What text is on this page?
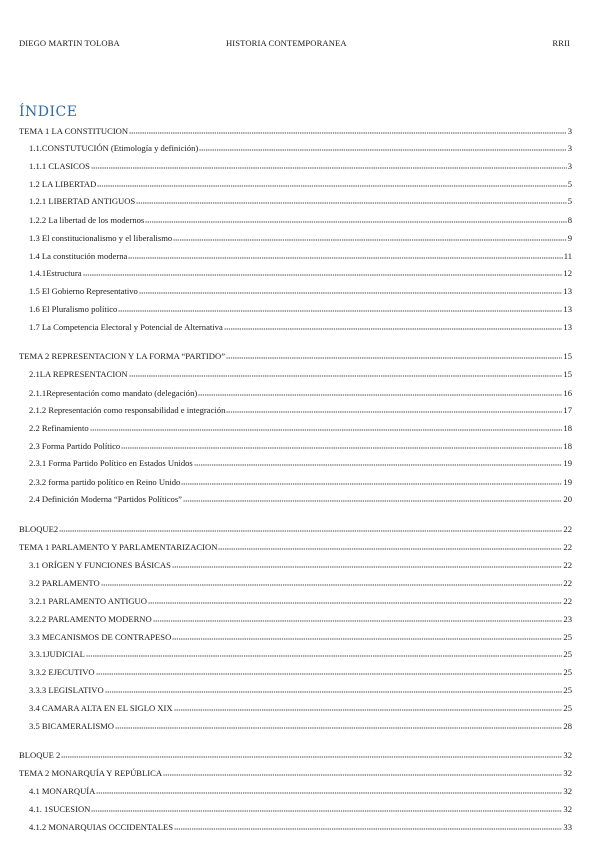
DIEGO MARTIN TOLOBA	HISTORIA CONTEMPORANEA	RRII
ÍNDICE
TEMA 1 LA CONSTITUCION	3
1.1.CONSTUTUCIÓN (Etimología y definición)	3
1.1.1 CLASICOS	3
1.2 LA LIBERTAD	5
1.2.1 LIBERTAD ANTIGUOS	5
1.2.2 La libertad de los modernos	8
1.3 El constitucionalismo y el liberalismo	9
1.4 La constitución moderna	11
1.4.1Estructura	12
1.5 El Gobierno Representativo	13
1.6 El Pluralismo político	13
1.7 La Competencia Electoral y Potencial de Alternativa	13
TEMA 2 REPRESENTACION Y LA FORMA “PARTIDO”	15
2.1LA REPRESENTACION	15
2.1.1Representación como mandato (delegación)	16
2.1.2 Representación como responsabilidad e integración	17
2.2 Refinamiento	18
2.3 Forma Partido Político	18
2.3.1 Forma Partido Político en Estados Unidos	19
2.3.2 forma partido político en Reino Unido	19
2.4 Definición Moderna “Partidos Políticos”	20
BLOQUE2	22
TEMA 1 PARLAMENTO Y PARLAMENTARIZACION	22
3.1 ORÍGEN Y FUNCIONES BÁSICAS	22
3.2 PARLAMENTO	22
3.2.1 PARLAMENTO ANTIGUO	22
3.2.2 PARLAMENTO MODERNO	23
3.3 MECANISMOS DE CONTRAPESO	25
3.3.1JUDICIAL	25
3.3.2 EJECUTIVO	25
3.3.3 LEGISLATIVO	25
3.4 CAMARA ALTA EN EL SIGLO XIX	25
3.5 BICAMERALISMO	28
BLOQUE 2	32
TEMA 2 MONARQUÍA Y REPÚBLICA	32
4.1 MONARQUÍA	32
4.1. 1SUCESION	32
4.1.2 MONARQUIAS OCCIDENTALES	33
